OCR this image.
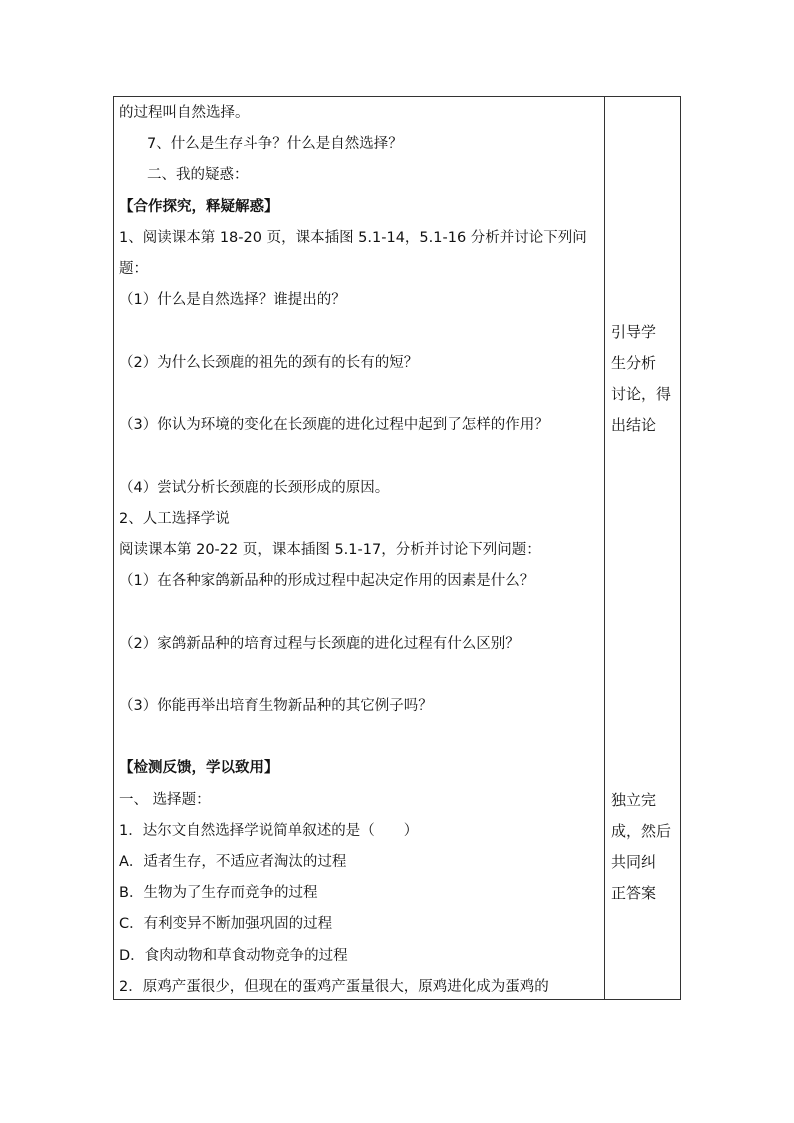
的过程叫自然选择。
7、什么是生存斗争？什么是自然选择？
二、我的疑惑：
【合作探究，释疑解惑】
1、阅读课本第 18-20 页，课本插图 5.1-14，5.1-16 分析并讨论下列问
题：
（1）什么是自然选择？谁提出的？
（2）为什么长颈鹿的祖先的颈有的长有的短？
（3）你认为环境的变化在长颈鹿的进化过程中起到了怎样的作用？
（4）尝试分析长颈鹿的长颈形成的原因。
2、人工选择学说
阅读课本第 20-22 页，课本插图 5.1-17，分析并讨论下列问题：
（1）在各种家鸽新品种的形成过程中起决定作用的因素是什么？
（2）家鸽新品种的培育过程与长颈鹿的进化过程有什么区别？
（3）你能再举出培育生物新品种的其它例子吗？
【检测反馈，学以致用】
一、 选择题：
1．达尔文自然选择学说简单叙述的是（　　）
A．适者生存，不适应者淘汰的过程
B．生物为了生存而竞争的过程
C．有利变异不断加强巩固的过程
D．食肉动物和草食动物竞争的过程
2．原鸡产蛋很少，但现在的蛋鸡产蛋量很大，原鸡进化成为蛋鸡的
引导学
生分析
讨论，得
出结论
独立完
成，然后
共同纠
正答案
